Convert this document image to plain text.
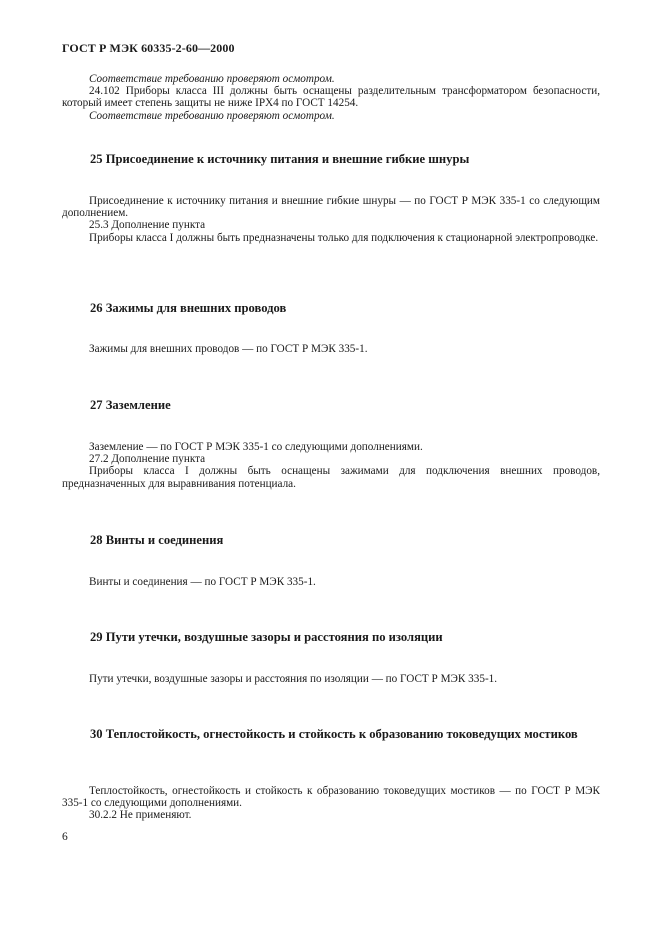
ГОСТ Р МЭК 60335-2-60—2000

Соответствие требованию проверяют осмотром.

24.102 Приборы класса III должны быть оснащены разделительным трансформатором безопасности, который имеет степень защиты не ниже IPX4 по ГОСТ 14254.

Соответствие требованию проверяют осмотром.

25 Присоединение к источнику питания и внешние гибкие шнуры

Присоединение к источнику питания и внешние гибкие шнуры — по ГОСТ Р МЭК 335-1 со следующим дополнением.

25.3 Дополнение пункта

Приборы класса I должны быть предназначены только для подключения к стационарной электропроводке.

26 Зажимы для внешних проводов

Зажимы для внешних проводов — по ГОСТ Р МЭК 335-1.

27 Заземление

Заземление — по ГОСТ Р МЭК 335-1 со следующими дополнениями.

27.2 Дополнение пункта

Приборы класса I должны быть оснащены зажимами для подключения внешних проводов, предназначенных для выравнивания потенциала.

28 Винты и соединения

Винты и соединения — по ГОСТ Р МЭК 335-1.

29 Пути утечки, воздушные зазоры и расстояния по изоляции

Пути утечки, воздушные зазоры и расстояния по изоляции — по ГОСТ Р МЭК 335-1.

30 Теплостойкость, огнестойкость и стойкость к образованию токоведущих мостиков

Теплостойкость, огнестойкость и стойкость к образованию токоведущих мостиков — по ГОСТ Р МЭК 335-1 со следующими дополнениями.

30.2.2 Не применяют.

6
